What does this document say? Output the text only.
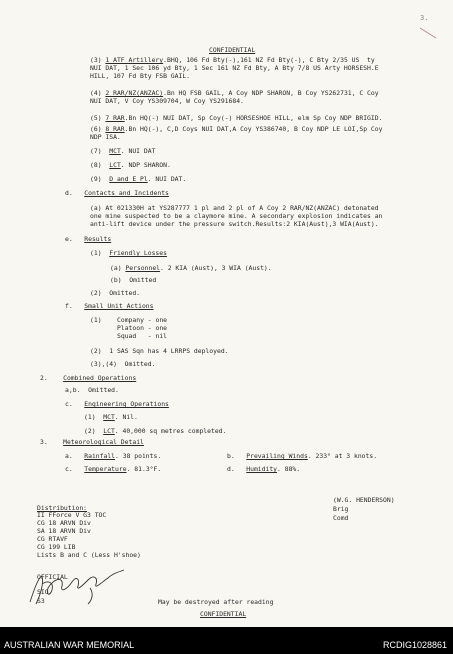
CONFIDENTIAL
3.
(3) 1 ATF Artillery.BHQ, 106 Fd Bty(-),161 NZ Fd Bty(-), C Bty 2/35 US  ty
NUI DAT, 1 Sec 106 yd Bty, 1 Sec 161 NZ Fd Bty, A Bty 7/8 US Arty HORSESH.E
HILL, 107 Fd Bty FSB GAIL.
(4) 2 RAR/NZ(ANZAC).Bn HQ FSB GAIL, A Coy NDP SHARON, B Coy YS262731, C Coy
NUI DAT, V Coy YS309704, W Coy YS291684.
(5) 7 RAR.Bn HQ(-) NUI DAT, Sp Coy(-) HORSESHOE HILL, elm Sp Coy NDP BRIGID.
(6) 8 RAR.Bn HQ(-), C,D Coys NUI DAT,A Coy YS386740, B Coy NDP LE LOI,Sp Coy
NDP ISA.
(7) MCT. NUI DAT
(8) LCT. NDP SHARON.
(9) D and E Pl. NUI DAT.
d. Contacts and Incidents
(a) At 021330H at YS287777 1 pl and 2 pl of A Coy 2 RAR/NZ(ANZAC) detonated
one mine suspected to be a claymore mine. A secondary explosion indicates an
anti-lift device under the pressure switch.Results:2 KIA(Aust),3 WIA(Aust).
e. Results
(1) Friendly Losses
(a) Personnel. 2 KIA (Aust), 3 WIA (Aust).
(b) Omitted
(2) Omitted.
f. Small Unit Actions
(1) Company - one
Platoon - one
Squad   - nil
(2) 1 SAS Sqn has 4 LRRPS deployed.
(3),(4) Omitted.
2. Combined Operations
a,b. Omitted.
c. Engineering Operations
(1) MCT. Nil.
(2) LCT. 40,000 sq metres completed.
3. Meteorological Detail
a. Rainfall. 38 points.	b. Prevailing Winds. 233° at 3 knots.
c. Temperature. 81.3°F.	d. Humidity. 88%.
(W.G. HENDERSON)
Brig
Comd
Distribution:
II FForce V G3 TOC
CG 18 ARVN Div
SA 18 ARVN Div
CG RTAVF
CG 199 LIB
Lists B and C (Less H'shoe)
OFFICIAL
SIG
S3	May be destroyed after reading
CONFIDENTIAL
AUSTRALIAN WAR MEMORIAL	RCDIG1028861
